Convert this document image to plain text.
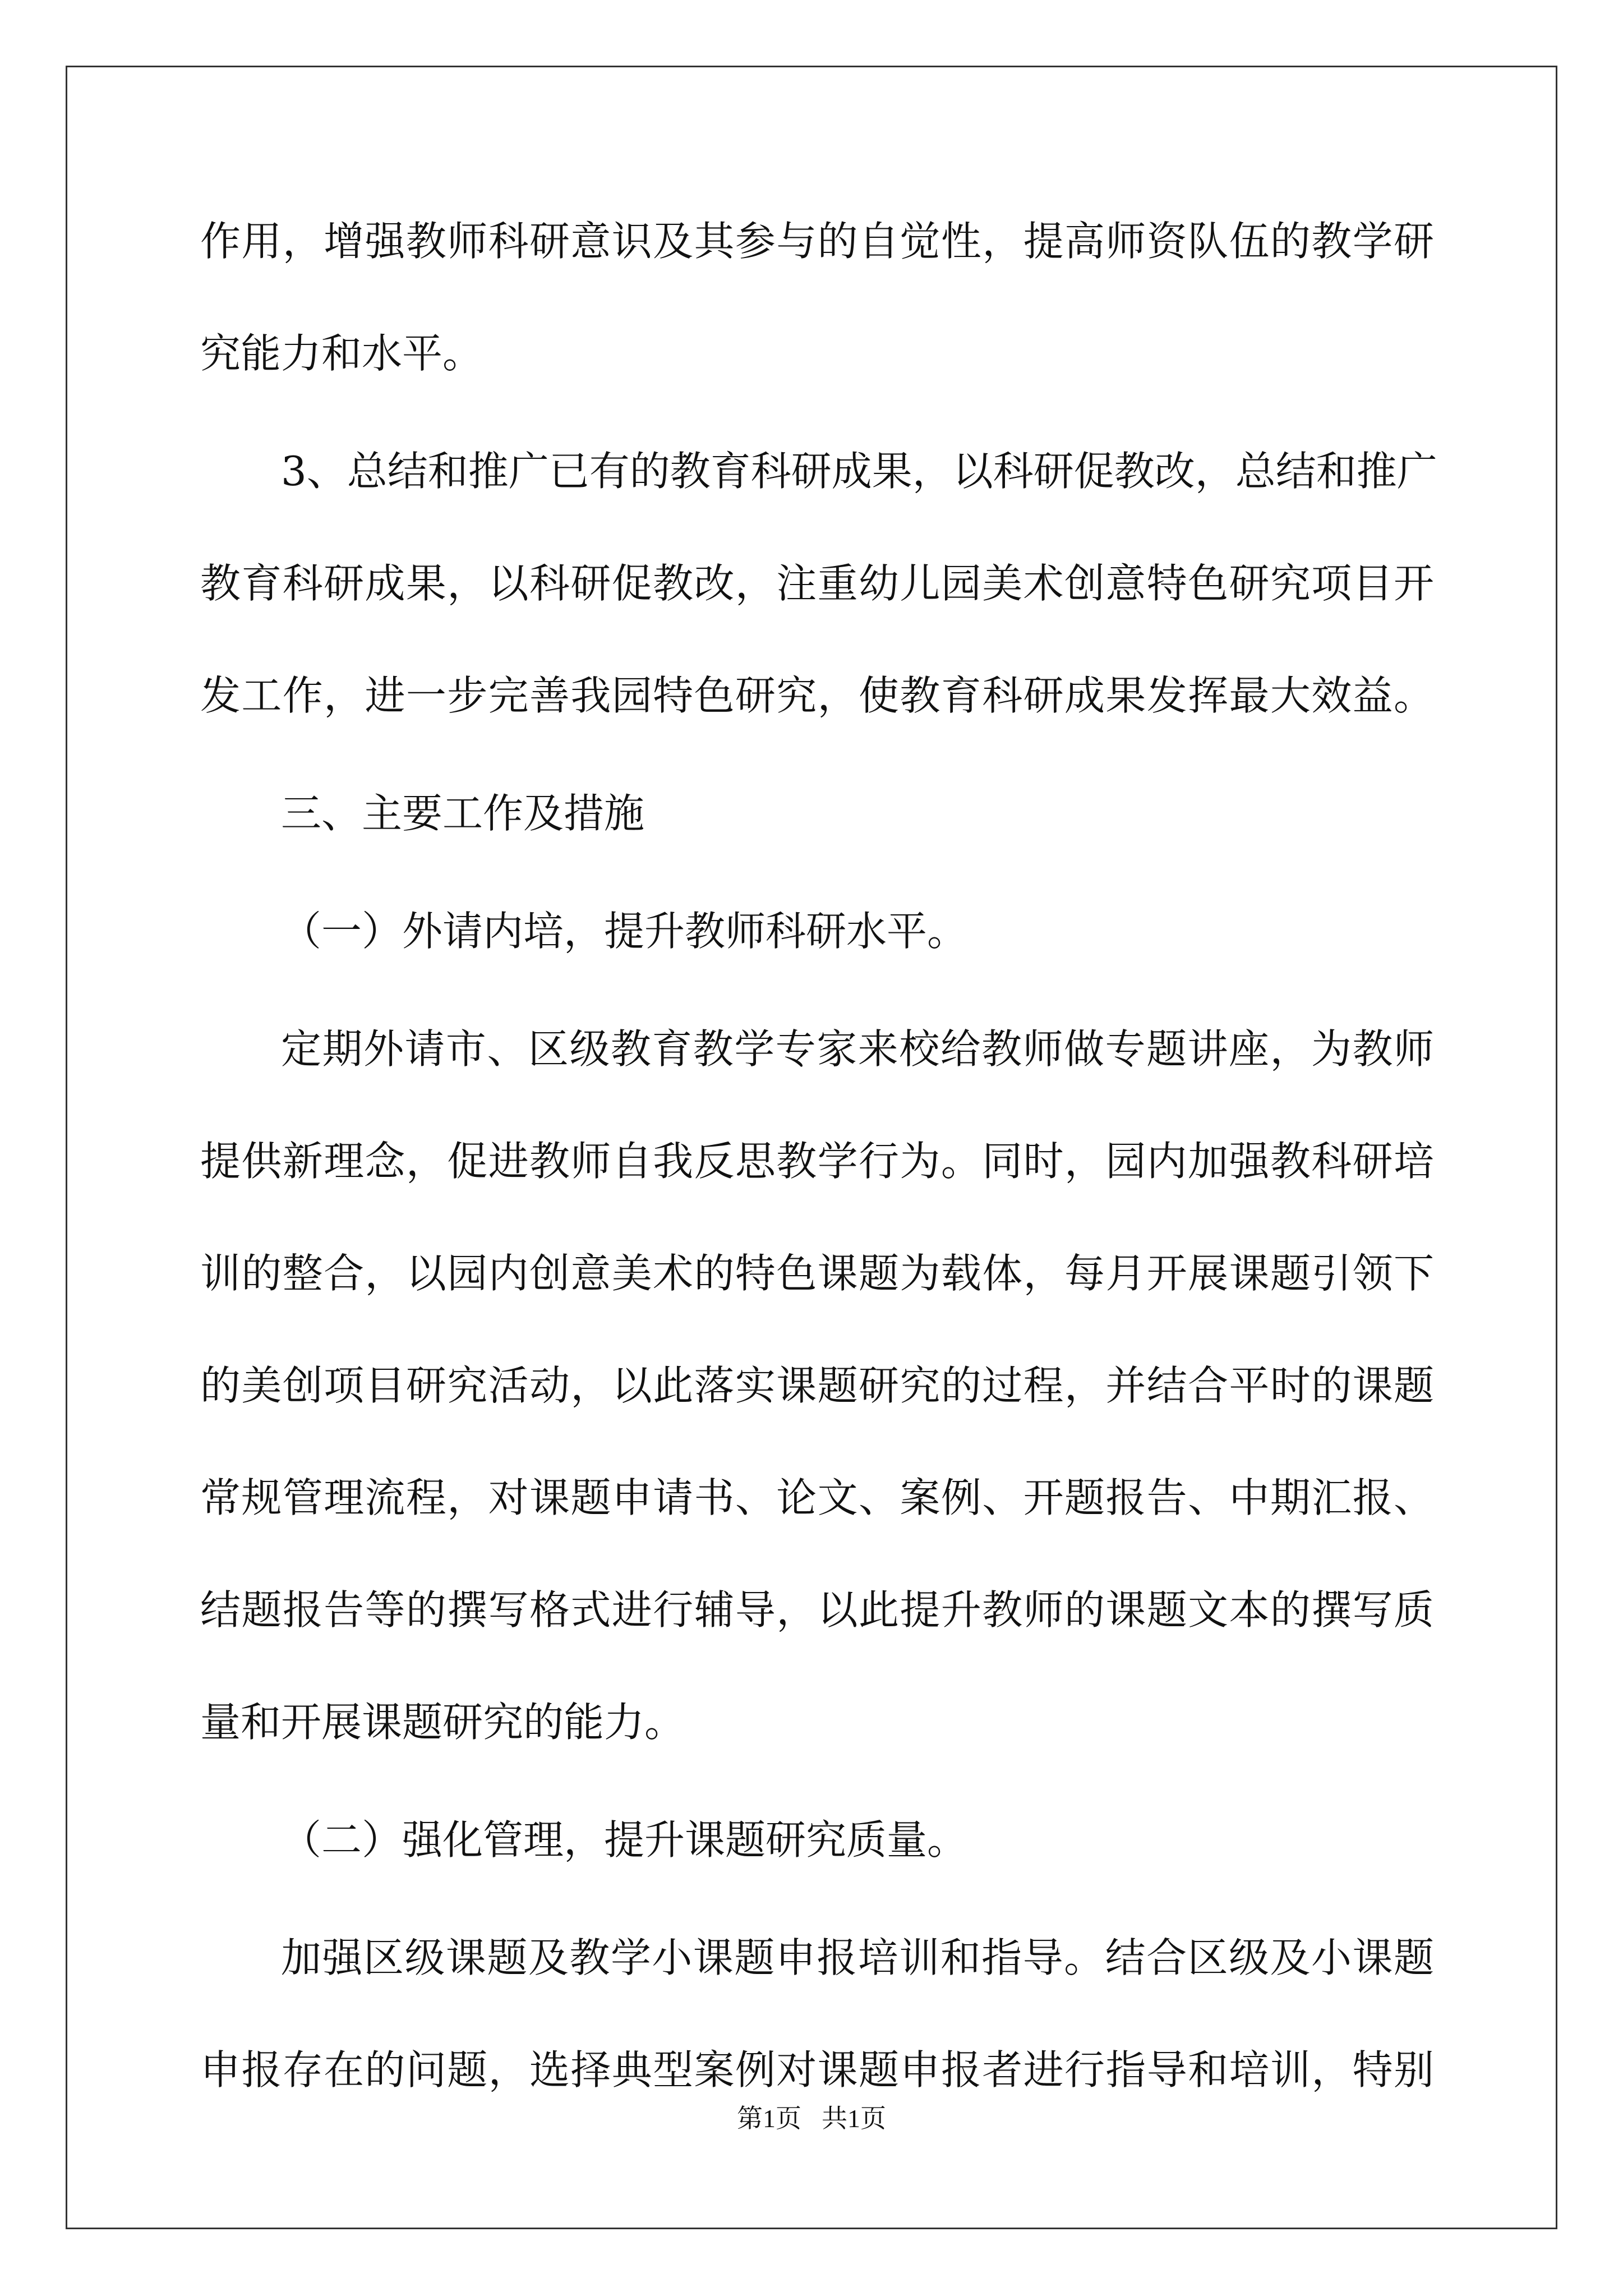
作用，增强教师科研意识及其参与的自觉性，提高师资队伍的教学研
究能力和水平。
3、总结和推广已有的教育科研成果，以科研促教改，总结和推广
教育科研成果，以科研促教改，注重幼儿园美术创意特色研究项目开
发工作，进一步完善我园特色研究，使教育科研成果发挥最大效益。
三、主要工作及措施
（一）外请内培，提升教师科研水平。
定期外请市、区级教育教学专家来校给教师做专题讲座，为教师
提供新理念，促进教师自我反思教学行为。同时，园内加强教科研培
训的整合，以园内创意美术的特色课题为载体，每月开展课题引领下
的美创项目研究活动，以此落实课题研究的过程，并结合平时的课题
常规管理流程，对课题申请书、论文、案例、开题报告、中期汇报、
结题报告等的撰写格式进行辅导，以此提升教师的课题文本的撰写质
量和开展课题研究的能力。
（二）强化管理，提升课题研究质量。
加强区级课题及教学小课题申报培训和指导。结合区级及小课题
申报存在的问题，选择典型案例对课题申报者进行指导和培训，特别
第1页 共1页
